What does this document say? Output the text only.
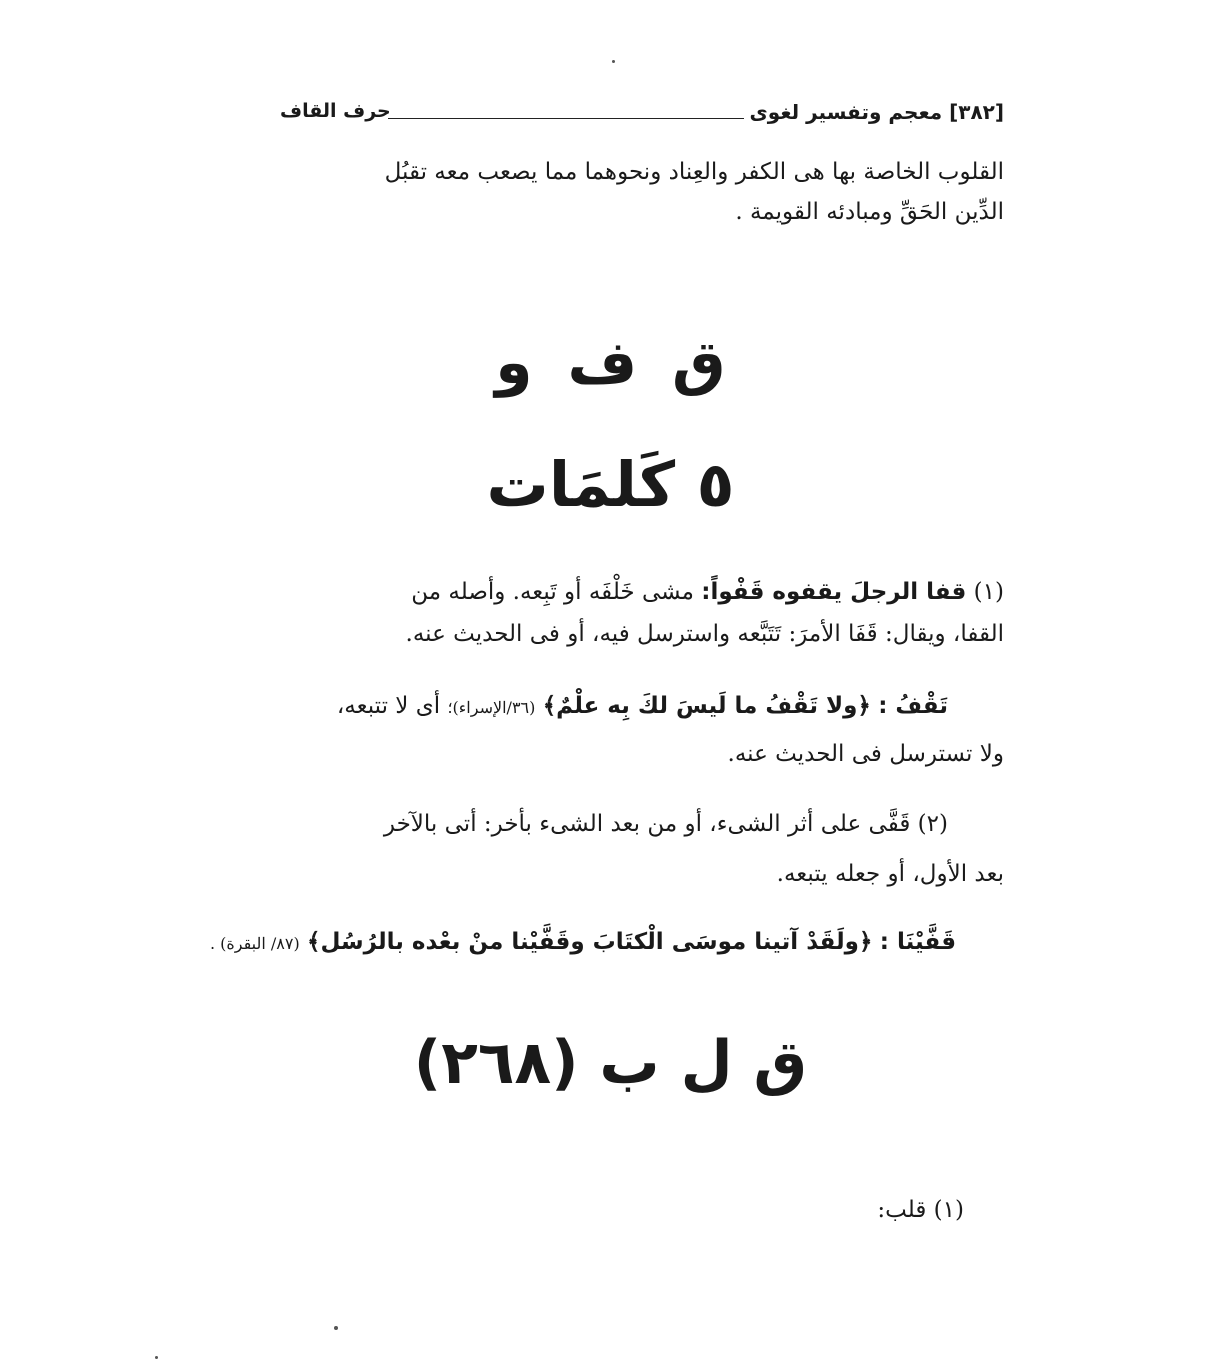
[٣٨٢] معجم وتفسير لغوى
حرف القاف
القلوب الخاصة بها هى الكفر والعِناد ونحوهما مما يصعب معه تقبُل
الدِّين الحَقِّ ومبادئه القويمة .
ق ف و
٥ كَلمَات
(١) قفا الرجلَ يقفوه قَفْواً: مشى خَلْفَه أو تَبِعه. وأصله من
القفا، ويقال: قَفَا الأمرَ: تَتَبَّعه واسترسل فيه، أو فى الحديث عنه.
تَقْفُ : ﴿ولا تَقْفُ ما لَيسَ لكَ بِه علْمٌ﴾ (٣٦/الإسراء)؛ أى لا تتبعه،
ولا تسترسل فى الحديث عنه.
(٢) قَفَّى على أثر الشىء، أو من بعد الشىء بأخر: أتى بالآخر
بعد الأول، أو جعله يتبعه.
قَفَّيْنَا : ﴿ولَقَدْ آتينا موسَى الْكتَابَ وقَفَّيْنا منْ بعْده بالرُسُل﴾ (٨٧/ البقرة) .
ق ل ب (٢٦٨)
(١) قلب:
